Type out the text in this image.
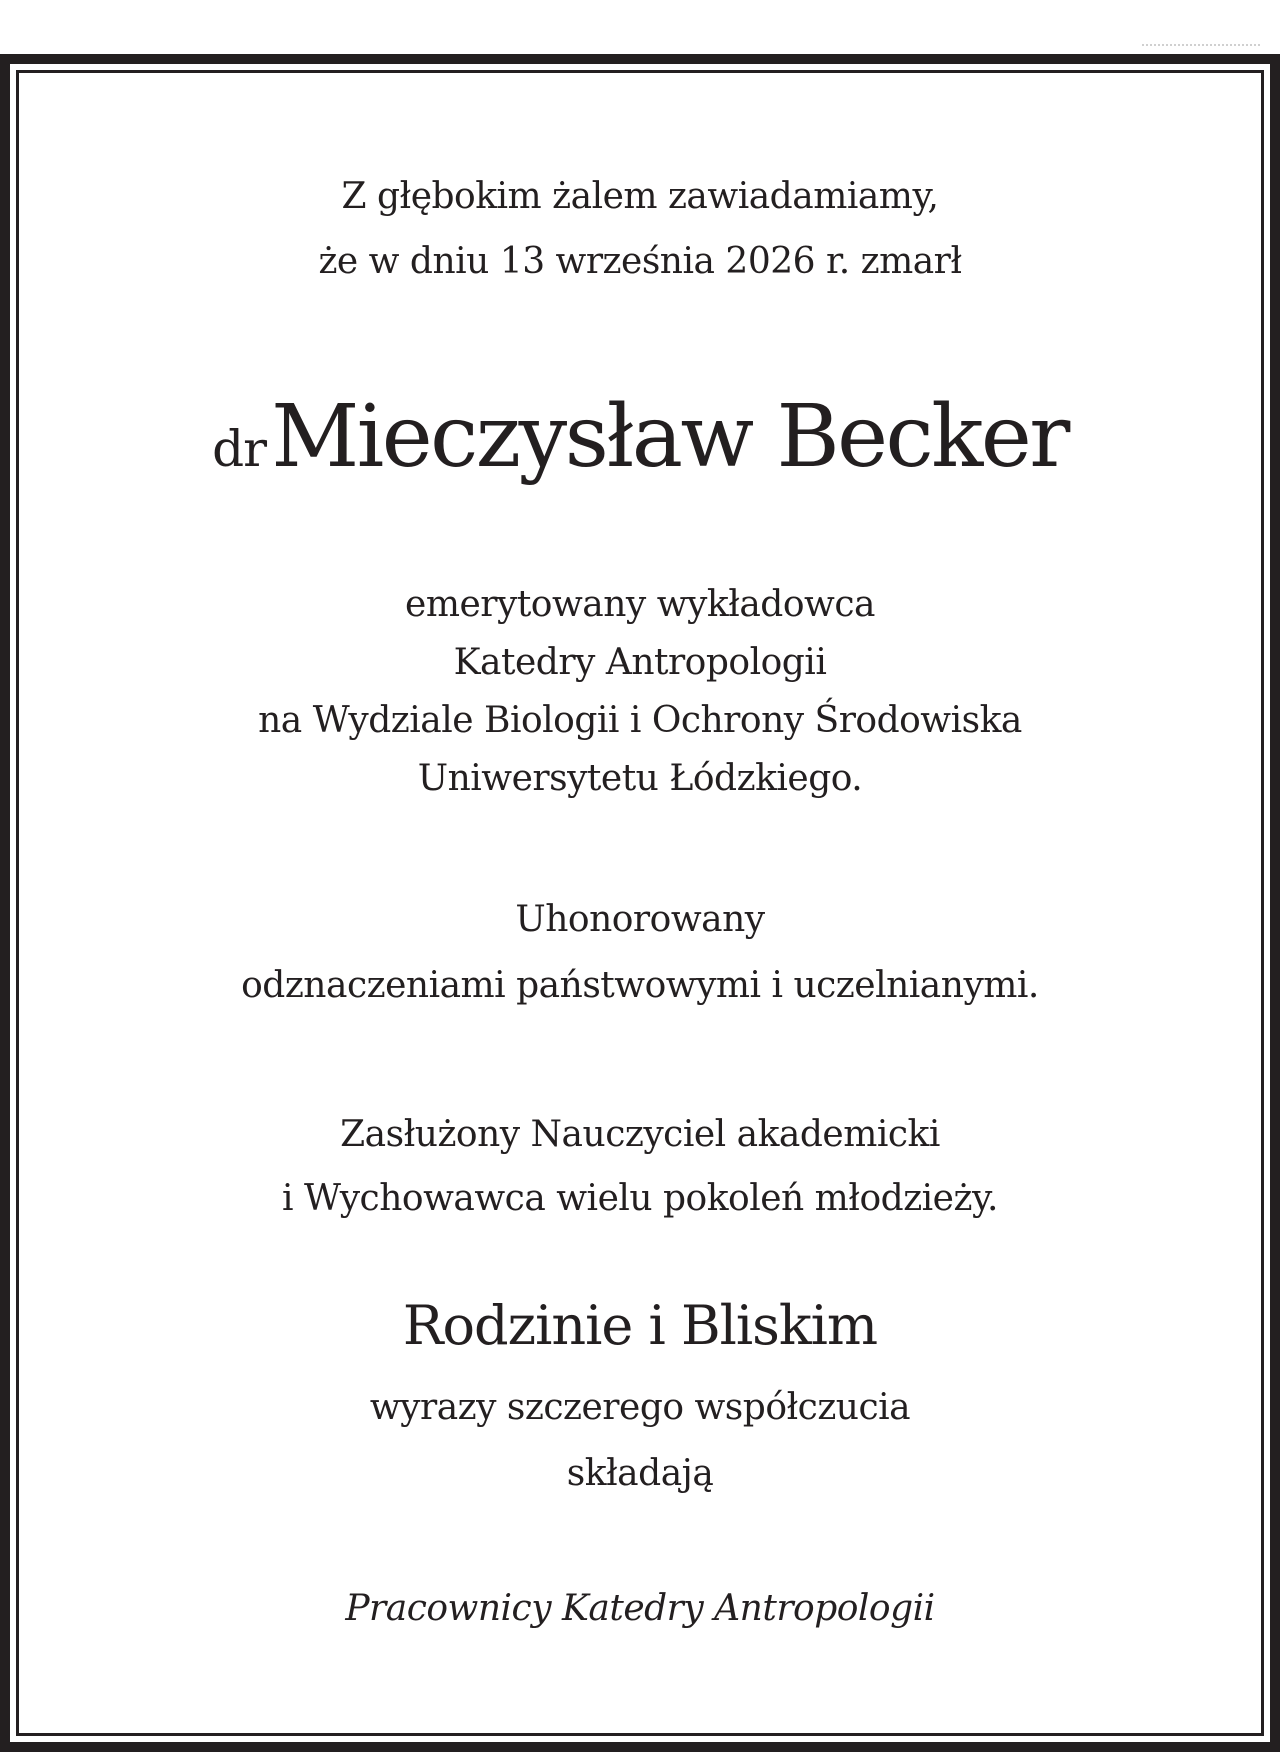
Z głębokim żalem zawiadamiamy,
że w dniu 13 września 2026 r. zmarł
dr Mieczysław Becker
emerytowany wykładowca
Katedry Antropologii
na Wydziale Biologii i Ochrony Środowiska
Uniwersytetu Łódzkiego.
Uhonorowany
odznaczeniami państwowymi i uczelnianymi.
Zasłużony Nauczyciel akademicki
i Wychowawca wielu pokoleń młodzieży.
Rodzinie i Bliskim
wyrazy szczerego współczucia
składają
Pracownicy Katedry Antropologii
